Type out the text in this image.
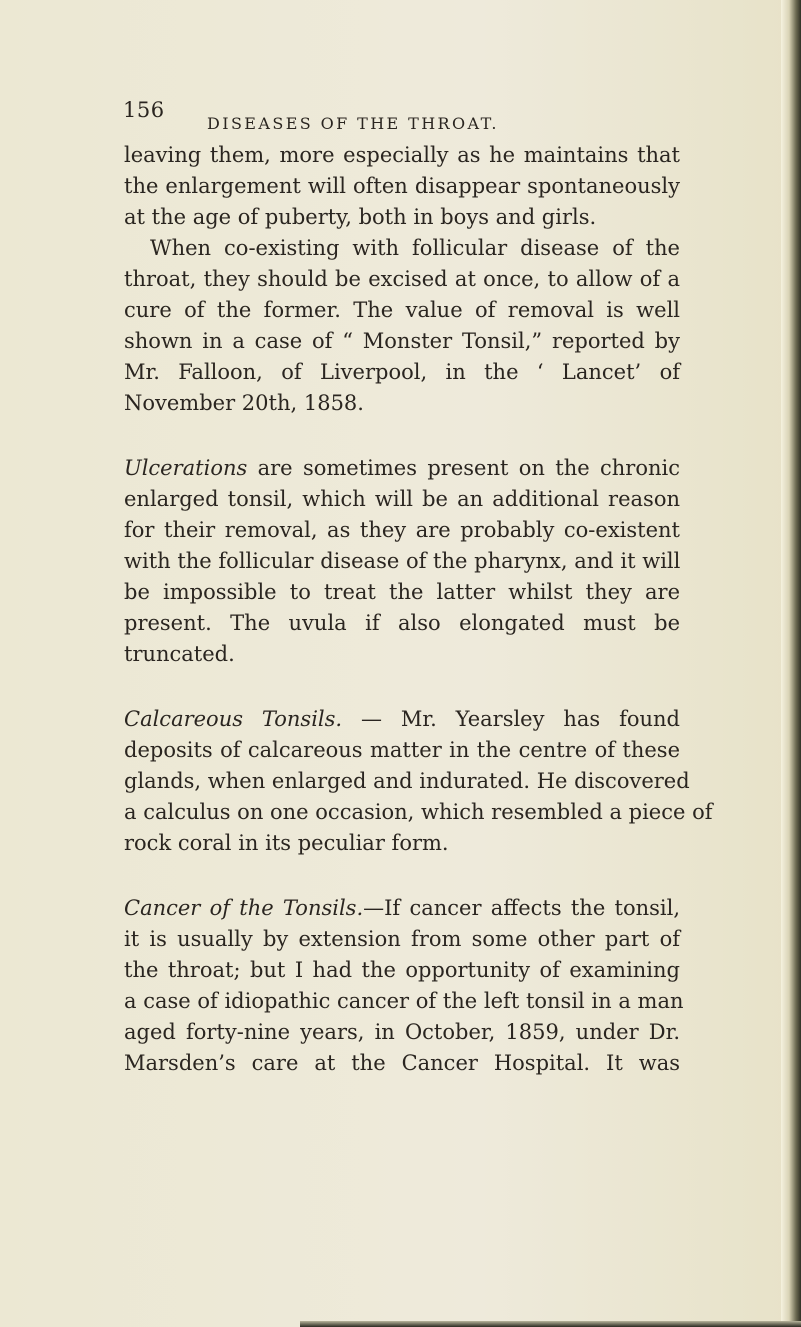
156
DISEASES OF THE THROAT.

leaving them, more especially as he maintains that
the enlargement will often disappear spontaneously
at the age of puberty, both in boys and girls.

When co-existing with follicular disease of the
throat, they should be excised at once, to allow of a
cure of the former. The value of removal is well
shown in a case of “ Monster Tonsil,” reported by
Mr. Falloon, of Liverpool, in the ‘ Lancet’ of
November 20th, 1858.

Ulcerations are sometimes present on the chronic
enlarged tonsil, which will be an additional reason
for their removal, as they are probably co-existent
with the follicular disease of the pharynx, and it will
be impossible to treat the latter whilst they are
present. The uvula if also elongated must be
truncated.

Calcareous Tonsils. — Mr. Yearsley has found
deposits of calcareous matter in the centre of these
glands, when enlarged and indurated. He discovered
a calculus on one occasion, which resembled a piece of
rock coral in its peculiar form.

Cancer of the Tonsils.—If cancer affects the tonsil,
it is usually by extension from some other part of
the throat; but I had the opportunity of examining
a case of idiopathic cancer of the left tonsil in a man
aged forty-nine years, in October, 1859, under Dr.
Marsden’s care at the Cancer Hospital. It was
